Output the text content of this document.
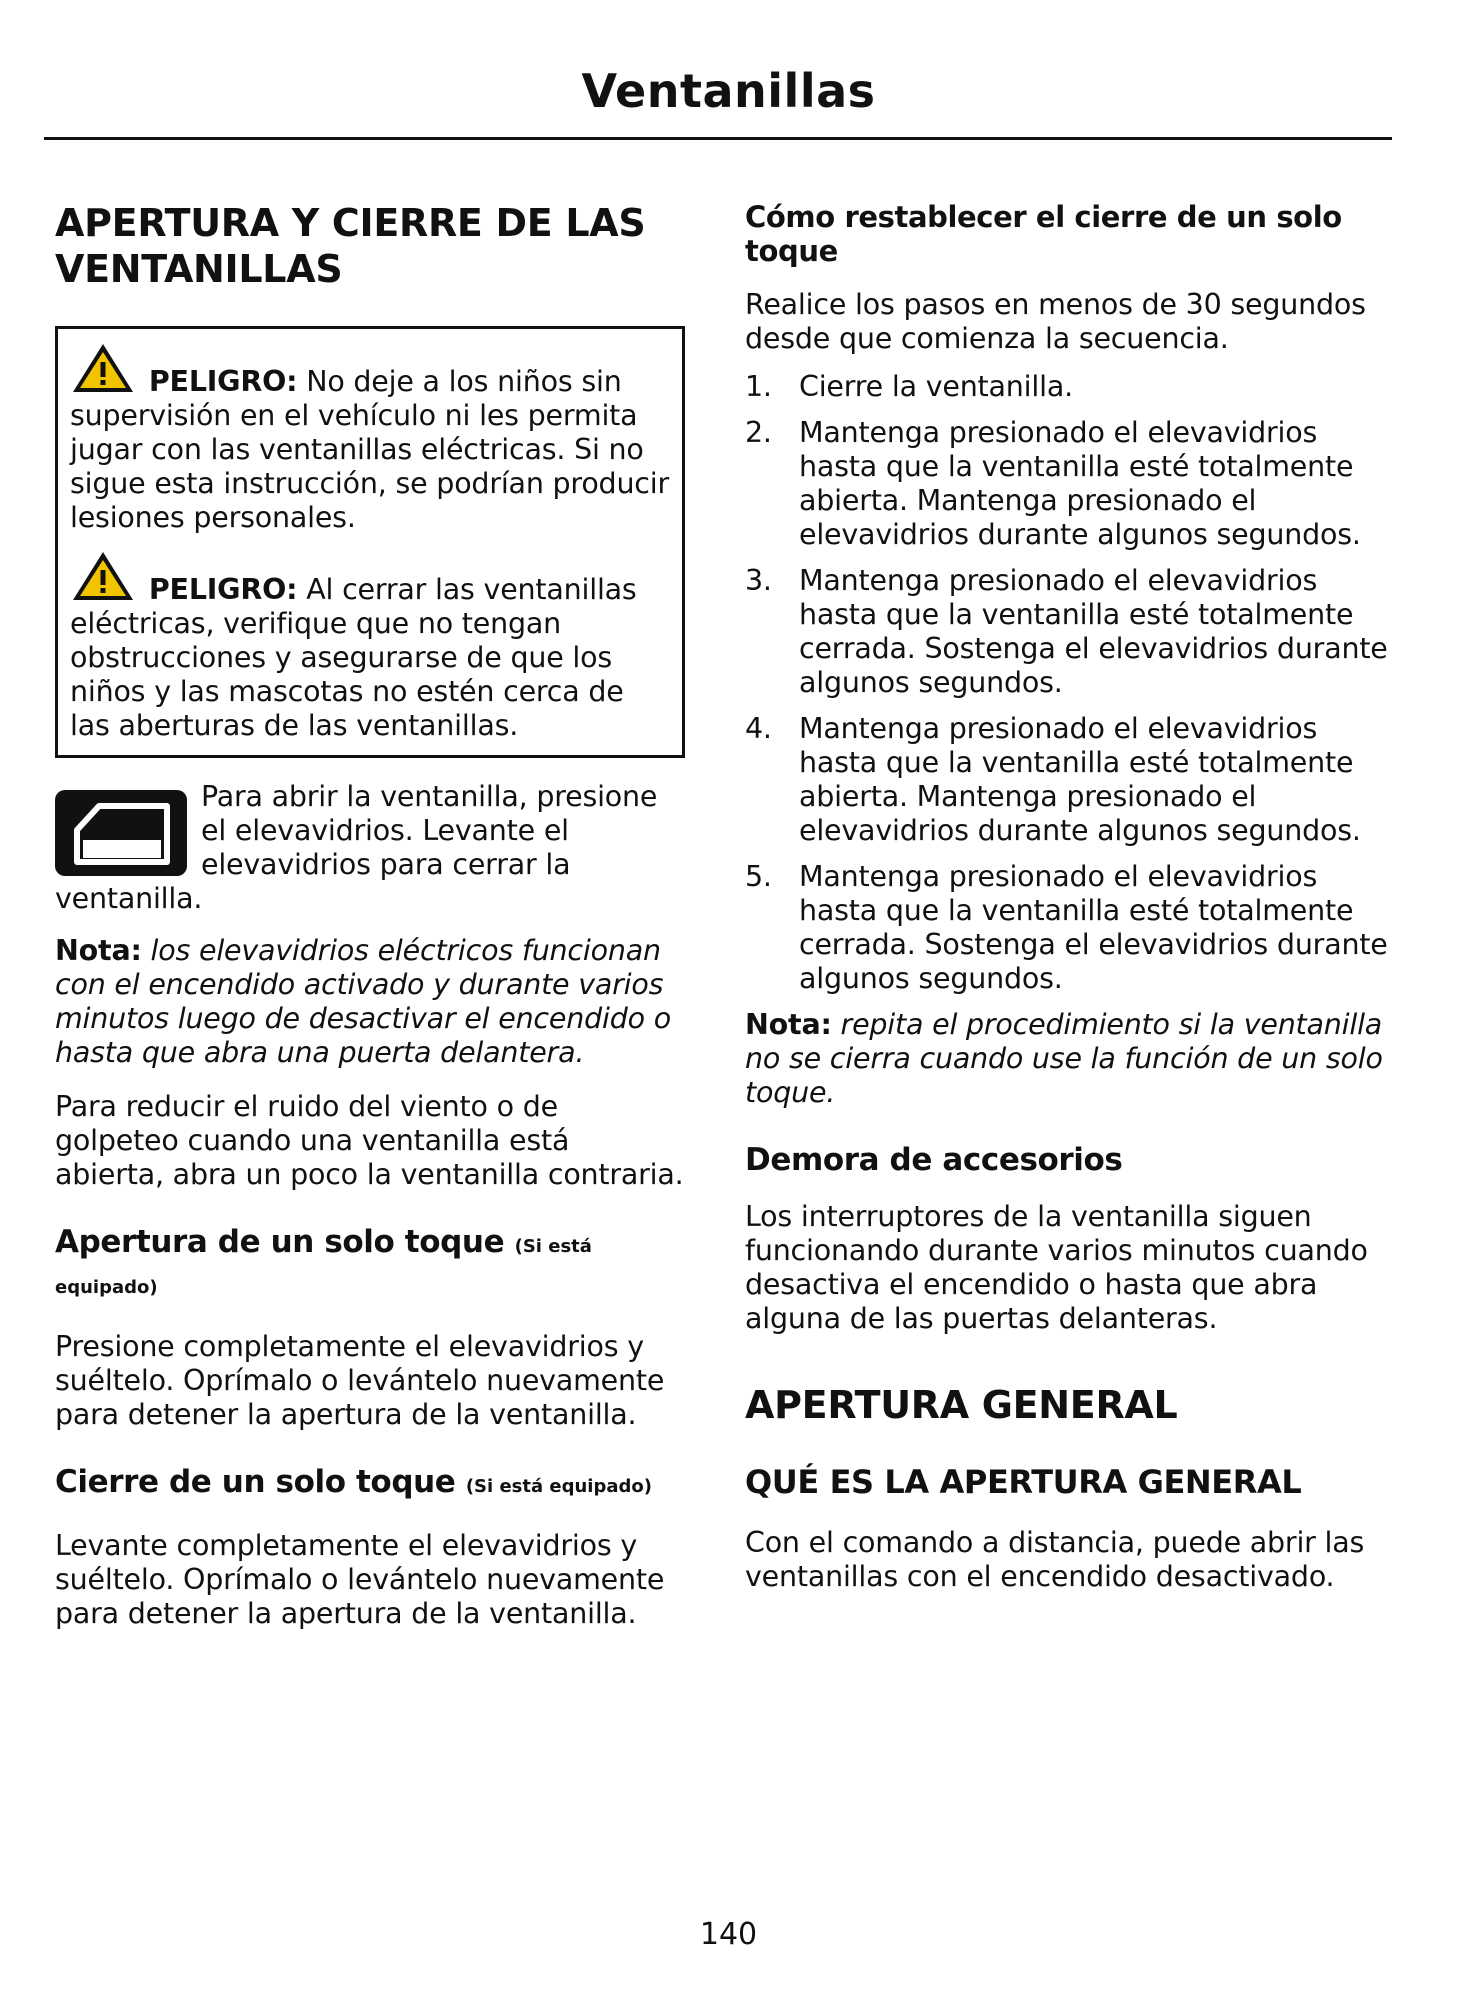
Ventanillas
APERTURA Y CIERRE DE LAS VENTANILLAS

PELIGRO: No deje a los niños sin supervisión en el vehículo ni les permita jugar con las ventanillas eléctricas. Si no sigue esta instrucción, se podrían producir lesiones personales.

PELIGRO: Al cerrar las ventanillas eléctricas, verifique que no tengan obstrucciones y asegurarse de que los niños y las mascotas no estén cerca de las aberturas de las ventanillas.

Para abrir la ventanilla, presione el elevavidrios. Levante el elevavidrios para cerrar la ventanilla.

Nota: los elevavidrios eléctricos funcionan con el encendido activado y durante varios minutos luego de desactivar el encendido o hasta que abra una puerta delantera.

Para reducir el ruido del viento o de golpeteo cuando una ventanilla está abierta, abra un poco la ventanilla contraria.

Apertura de un solo toque (Si está equipado)

Presione completamente el elevavidrios y suéltelo. Oprímalo o levántelo nuevamente para detener la apertura de la ventanilla.

Cierre de un solo toque (Si está equipado)

Levante completamente el elevavidrios y suéltelo. Oprímalo o levántelo nuevamente para detener la apertura de la ventanilla.

Cómo restablecer el cierre de un solo toque

Realice los pasos en menos de 30 segundos desde que comienza la secuencia.

1. Cierre la ventanilla.
2. Mantenga presionado el elevavidrios hasta que la ventanilla esté totalmente abierta. Mantenga presionado el elevavidrios durante algunos segundos.
3. Mantenga presionado el elevavidrios hasta que la ventanilla esté totalmente cerrada. Sostenga el elevavidrios durante algunos segundos.
4. Mantenga presionado el elevavidrios hasta que la ventanilla esté totalmente abierta. Mantenga presionado el elevavidrios durante algunos segundos.
5. Mantenga presionado el elevavidrios hasta que la ventanilla esté totalmente cerrada. Sostenga el elevavidrios durante algunos segundos.

Nota: repita el procedimiento si la ventanilla no se cierra cuando use la función de un solo toque.

Demora de accesorios

Los interruptores de la ventanilla siguen funcionando durante varios minutos cuando desactiva el encendido o hasta que abra alguna de las puertas delanteras.

APERTURA GENERAL

QUÉ ES LA APERTURA GENERAL

Con el comando a distancia, puede abrir las ventanillas con el encendido desactivado.

140
